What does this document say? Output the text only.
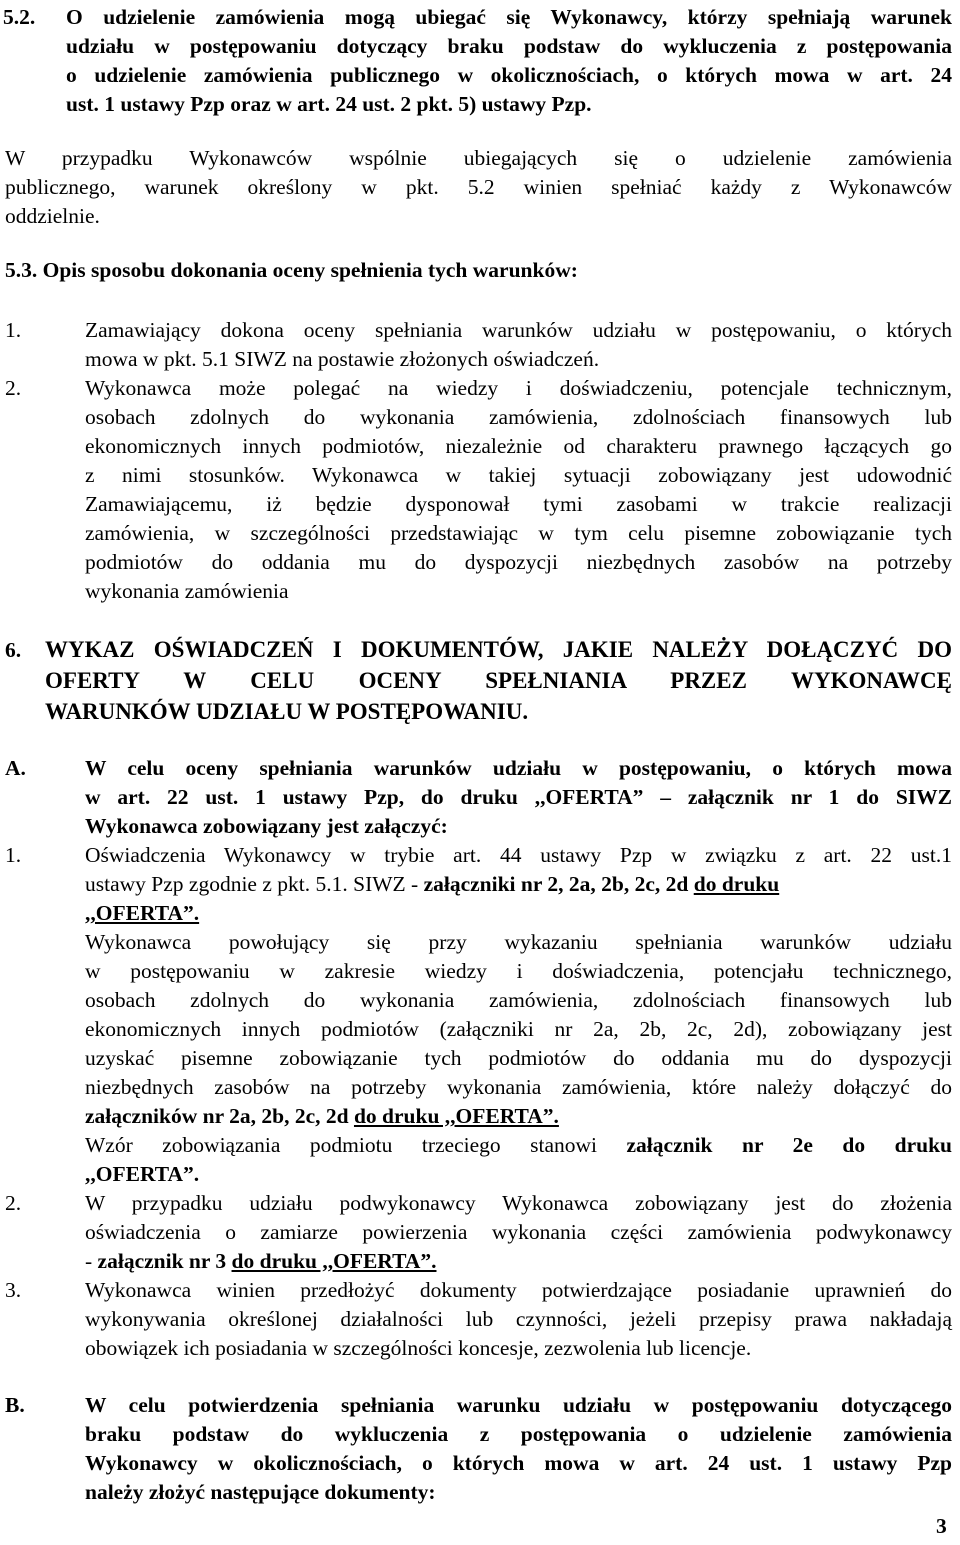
5.2. O udzielenie zamówienia mogą ubiegać się Wykonawcy, którzy spełniają warunek
udziału w postępowaniu dotyczący braku podstaw do wykluczenia z postępowania
o udzielenie zamówienia publicznego w okolicznościach, o których mowa w art. 24
ust. 1 ustawy Pzp oraz w art. 24 ust. 2 pkt. 5) ustawy Pzp.
W przypadku Wykonawców wspólnie ubiegających się o udzielenie zamówienia
publicznego, warunek określony w pkt. 5.2 winien spełniać każdy z Wykonawców
oddzielnie.
5.3. Opis sposobu dokonania oceny spełnienia tych warunków:
1.	Zamawiający dokona oceny spełniania warunków udziału w postępowaniu, o których
mowa w pkt. 5.1 SIWZ na postawie złożonych oświadczeń.
2.	Wykonawca może polegać na wiedzy i doświadczeniu, potencjale technicznym,
osobach zdolnych do wykonania zamówienia, zdolnościach finansowych lub
ekonomicznych innych podmiotów, niezależnie od charakteru prawnego łączących go
z nimi stosunków. Wykonawca w takiej sytuacji zobowiązany jest udowodnić
Zamawiającemu, iż będzie dysponował tymi zasobami w trakcie realizacji
zamówienia, w szczególności przedstawiając w tym celu pisemne zobowiązanie tych
podmiotów do oddania mu do dyspozycji niezbędnych zasobów na potrzeby
wykonania zamówienia
6. WYKAZ OŚWIADCZEŃ I DOKUMENTÓW, JAKIE NALEŻY DOŁĄCZYĆ DO
OFERTY W CELU OCENY SPEŁNIANIA PRZEZ WYKONAWCĘ
WARUNKÓW UDZIAŁU W POSTĘPOWANIU.
A.	W celu oceny spełniania warunków udziału w postępowaniu, o których mowa
w art. 22 ust. 1 ustawy Pzp, do druku ,,OFERTA” – załącznik nr 1 do SIWZ
Wykonawca zobowiązany jest załączyć:
1.	Oświadczenia Wykonawcy w trybie art. 44 ustawy Pzp w związku z art. 22 ust.1
ustawy Pzp zgodnie z pkt. 5.1. SIWZ - załączniki nr 2, 2a, 2b, 2c, 2d do druku
,,OFERTA”.
Wykonawca powołujący się przy wykazaniu spełniania warunków udziału
w postępowaniu w zakresie wiedzy i doświadczenia, potencjału technicznego,
osobach zdolnych do wykonania zamówienia, zdolnościach finansowych lub
ekonomicznych innych podmiotów (załączniki nr 2a, 2b, 2c, 2d), zobowiązany jest
uzyskać pisemne zobowiązanie tych podmiotów do oddania mu do dyspozycji
niezbędnych zasobów na potrzeby wykonania zamówienia, które należy dołączyć do
załączników nr 2a, 2b, 2c, 2d do druku ,,OFERTA”.
Wzór zobowiązania podmiotu trzeciego stanowi załącznik nr 2e do druku
,,OFERTA”.
2.	W przypadku udziału podwykonawcy Wykonawca zobowiązany jest do złożenia
oświadczenia o zamiarze powierzenia wykonania części zamówienia podwykonawcy
- załącznik nr 3 do druku ,,OFERTA”.
3.	Wykonawca winien przedłożyć dokumenty potwierdzające posiadanie uprawnień do
wykonywania określonej działalności lub czynności, jeżeli przepisy prawa nakładają
obowiązek ich posiadania w szczególności koncesje, zezwolenia lub licencje.
B.	W celu potwierdzenia spełniania warunku udziału w postępowaniu dotyczącego
braku podstaw do wykluczenia z postępowania o udzielenie zamówienia
Wykonawcy w okolicznościach, o których mowa w art. 24 ust. 1 ustawy Pzp
należy złożyć następujące dokumenty:
3
